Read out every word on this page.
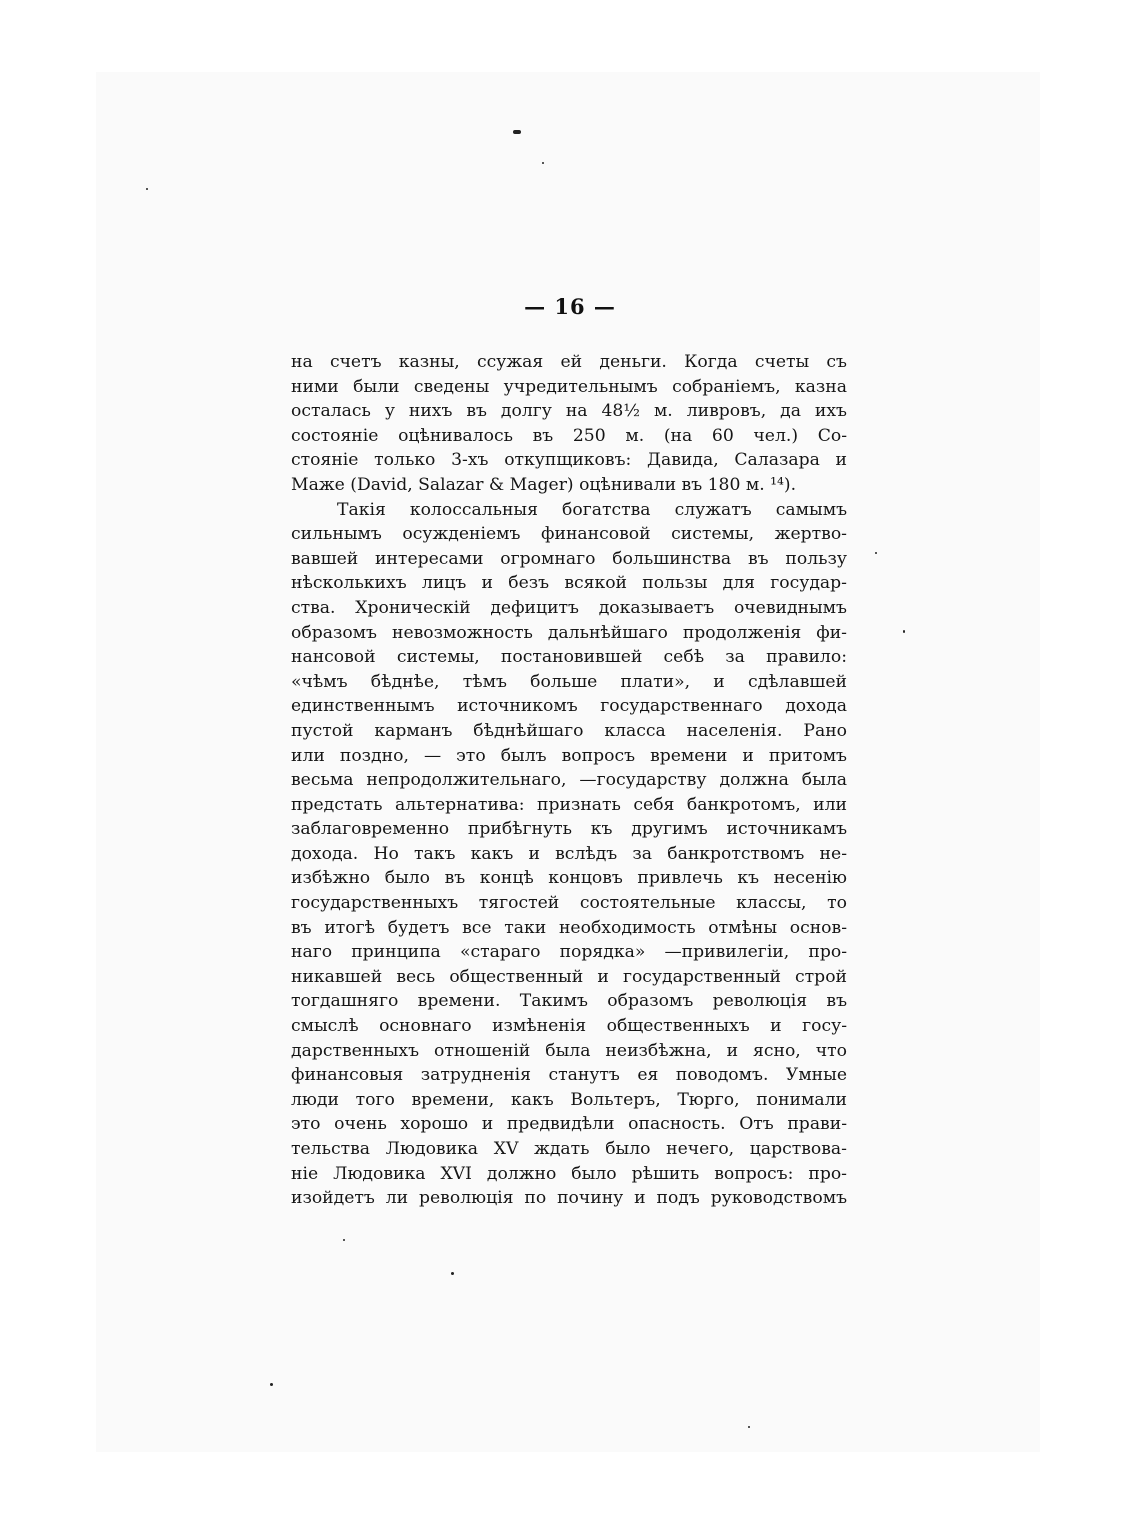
— 16 —
на счетъ казны, ссужая ей деньги. Когда счеты съ
ними были сведены учредительнымъ собраніемъ, казна
осталась у нихъ въ долгу на 48½ м. ливровъ, да ихъ
состояніе оцѣнивалось въ 250 м. (на 60 чел.) Со-
стояніе только 3-хъ откупщиковъ: Давида, Салазара и
Маже (David, Salazar & Mager) оцѣнивали въ 180 м. ¹⁴).
Такія колоссальныя богатства служатъ самымъ
сильнымъ осужденіемъ финансовой системы, жертво-
вавшей интересами огромнаго большинства въ пользу
нѣсколькихъ лицъ и безъ всякой пользы для государ-
ства. Хроническій дефицитъ доказываетъ очевиднымъ
образомъ невозможность дальнѣйшаго продолженія фи-
нансовой системы, постановившей себѣ за правило:
«чѣмъ бѣднѣе, тѣмъ больше плати», и сдѣлавшей
единственнымъ источникомъ государственнаго дохода
пустой карманъ бѣднѣйшаго класса населенія. Рано
или поздно, — это былъ вопросъ времени и притомъ
весьма непродолжительнаго, —государству должна была
предстать альтернатива: признать себя банкротомъ, или
заблаговременно прибѣгнуть къ другимъ источникамъ
дохода. Но такъ какъ и вслѣдъ за банкротствомъ не-
избѣжно было въ концѣ концовъ привлечь къ несенію
государственныхъ тягостей состоятельные классы, то
въ итогѣ будетъ все таки необходимость отмѣны основ-
наго принципа «стараго порядка» —привилегіи, про-
никавшей весь общественный и государственный строй
тогдашняго времени. Такимъ образомъ революція въ
смыслѣ основнаго измѣненія общественныхъ и госу-
дарственныхъ отношеній была неизбѣжна, и ясно, что
финансовыя затрудненія станутъ ея поводомъ. Умные
люди того времени, какъ Вольтеръ, Тюрго, понимали
это очень хорошо и предвидѣли опасность. Отъ прави-
тельства Людовика XV ждать было нечего, царствова-
ніе Людовика XVI должно было рѣшить вопросъ: про-
изойдетъ ли революція по почину и подъ руководствомъ
